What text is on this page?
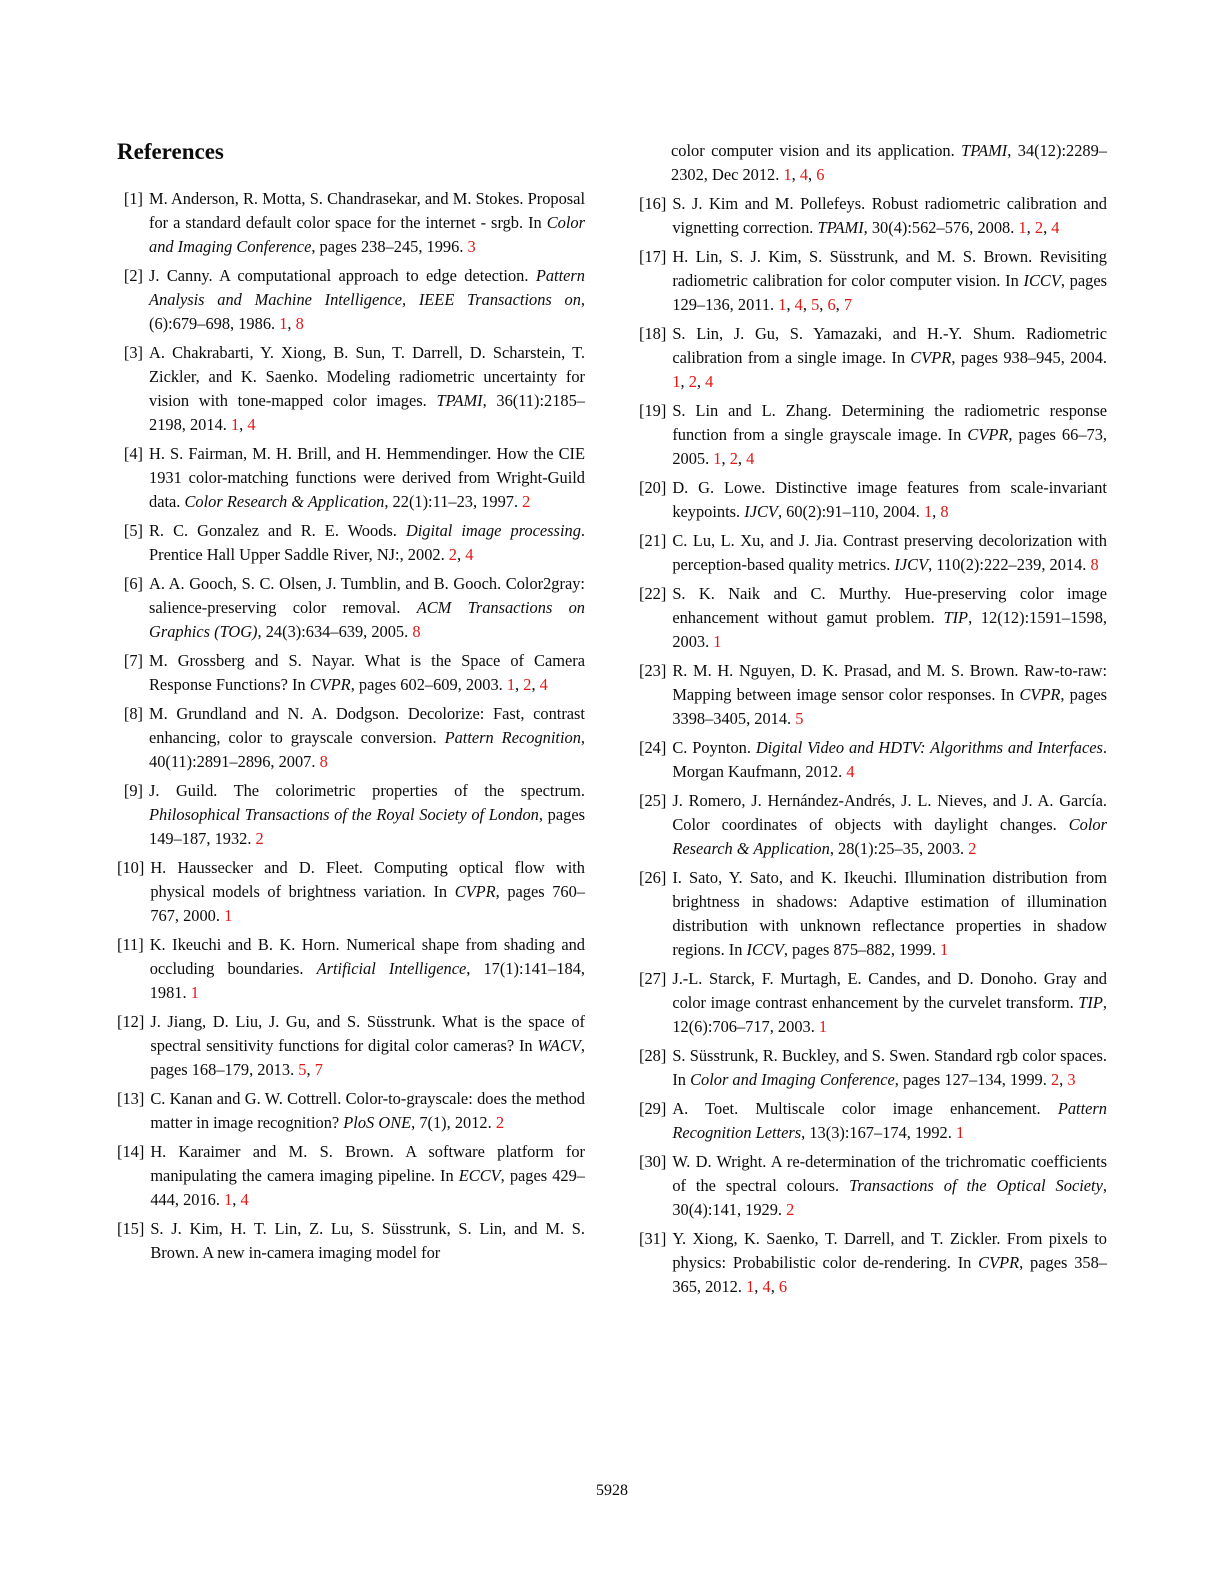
References
[1] M. Anderson, R. Motta, S. Chandrasekar, and M. Stokes. Proposal for a standard default color space for the internet - srgb. In Color and Imaging Conference, pages 238–245, 1996. 3
[2] J. Canny. A computational approach to edge detection. Pattern Analysis and Machine Intelligence, IEEE Transactions on, (6):679–698, 1986. 1, 8
[3] A. Chakrabarti, Y. Xiong, B. Sun, T. Darrell, D. Scharstein, T. Zickler, and K. Saenko. Modeling radiometric uncertainty for vision with tone-mapped color images. TPAMI, 36(11):2185–2198, 2014. 1, 4
[4] H. S. Fairman, M. H. Brill, and H. Hemmendinger. How the CIE 1931 color-matching functions were derived from Wright-Guild data. Color Research & Application, 22(1):11–23, 1997. 2
[5] R. C. Gonzalez and R. E. Woods. Digital image processing. Prentice Hall Upper Saddle River, NJ:, 2002. 2, 4
[6] A. A. Gooch, S. C. Olsen, J. Tumblin, and B. Gooch. Color2gray: salience-preserving color removal. ACM Transactions on Graphics (TOG), 24(3):634–639, 2005. 8
[7] M. Grossberg and S. Nayar. What is the Space of Camera Response Functions? In CVPR, pages 602–609, 2003. 1, 2, 4
[8] M. Grundland and N. A. Dodgson. Decolorize: Fast, contrast enhancing, color to grayscale conversion. Pattern Recognition, 40(11):2891–2896, 2007. 8
[9] J. Guild. The colorimetric properties of the spectrum. Philosophical Transactions of the Royal Society of London, pages 149–187, 1932. 2
[10] H. Haussecker and D. Fleet. Computing optical flow with physical models of brightness variation. In CVPR, pages 760–767, 2000. 1
[11] K. Ikeuchi and B. K. Horn. Numerical shape from shading and occluding boundaries. Artificial Intelligence, 17(1):141–184, 1981. 1
[12] J. Jiang, D. Liu, J. Gu, and S. Süsstrunk. What is the space of spectral sensitivity functions for digital color cameras? In WACV, pages 168–179, 2013. 5, 7
[13] C. Kanan and G. W. Cottrell. Color-to-grayscale: does the method matter in image recognition? PloS ONE, 7(1), 2012. 2
[14] H. Karaimer and M. S. Brown. A software platform for manipulating the camera imaging pipeline. In ECCV, pages 429–444, 2016. 1, 4
[15] S. J. Kim, H. T. Lin, Z. Lu, S. Süsstrunk, S. Lin, and M. S. Brown. A new in-camera imaging model for
color computer vision and its application. TPAMI, 34(12):2289–2302, Dec 2012. 1, 4, 6
[16] S. J. Kim and M. Pollefeys. Robust radiometric calibration and vignetting correction. TPAMI, 30(4):562–576, 2008. 1, 2, 4
[17] H. Lin, S. J. Kim, S. Süsstrunk, and M. S. Brown. Revisiting radiometric calibration for color computer vision. In ICCV, pages 129–136, 2011. 1, 4, 5, 6, 7
[18] S. Lin, J. Gu, S. Yamazaki, and H.-Y. Shum. Radiometric calibration from a single image. In CVPR, pages 938–945, 2004. 1, 2, 4
[19] S. Lin and L. Zhang. Determining the radiometric response function from a single grayscale image. In CVPR, pages 66–73, 2005. 1, 2, 4
[20] D. G. Lowe. Distinctive image features from scale-invariant keypoints. IJCV, 60(2):91–110, 2004. 1, 8
[21] C. Lu, L. Xu, and J. Jia. Contrast preserving decolorization with perception-based quality metrics. IJCV, 110(2):222–239, 2014. 8
[22] S. K. Naik and C. Murthy. Hue-preserving color image enhancement without gamut problem. TIP, 12(12):1591–1598, 2003. 1
[23] R. M. H. Nguyen, D. K. Prasad, and M. S. Brown. Raw-to-raw: Mapping between image sensor color responses. In CVPR, pages 3398–3405, 2014. 5
[24] C. Poynton. Digital Video and HDTV: Algorithms and Interfaces. Morgan Kaufmann, 2012. 4
[25] J. Romero, J. Hernández-Andrés, J. L. Nieves, and J. A. García. Color coordinates of objects with daylight changes. Color Research & Application, 28(1):25–35, 2003. 2
[26] I. Sato, Y. Sato, and K. Ikeuchi. Illumination distribution from brightness in shadows: Adaptive estimation of illumination distribution with unknown reflectance properties in shadow regions. In ICCV, pages 875–882, 1999. 1
[27] J.-L. Starck, F. Murtagh, E. Candes, and D. Donoho. Gray and color image contrast enhancement by the curvelet transform. TIP, 12(6):706–717, 2003. 1
[28] S. Süsstrunk, R. Buckley, and S. Swen. Standard rgb color spaces. In Color and Imaging Conference, pages 127–134, 1999. 2, 3
[29] A. Toet. Multiscale color image enhancement. Pattern Recognition Letters, 13(3):167–174, 1992. 1
[30] W. D. Wright. A re-determination of the trichromatic coefficients of the spectral colours. Transactions of the Optical Society, 30(4):141, 1929. 2
[31] Y. Xiong, K. Saenko, T. Darrell, and T. Zickler. From pixels to physics: Probabilistic color de-rendering. In CVPR, pages 358–365, 2012. 1, 4, 6
5928
